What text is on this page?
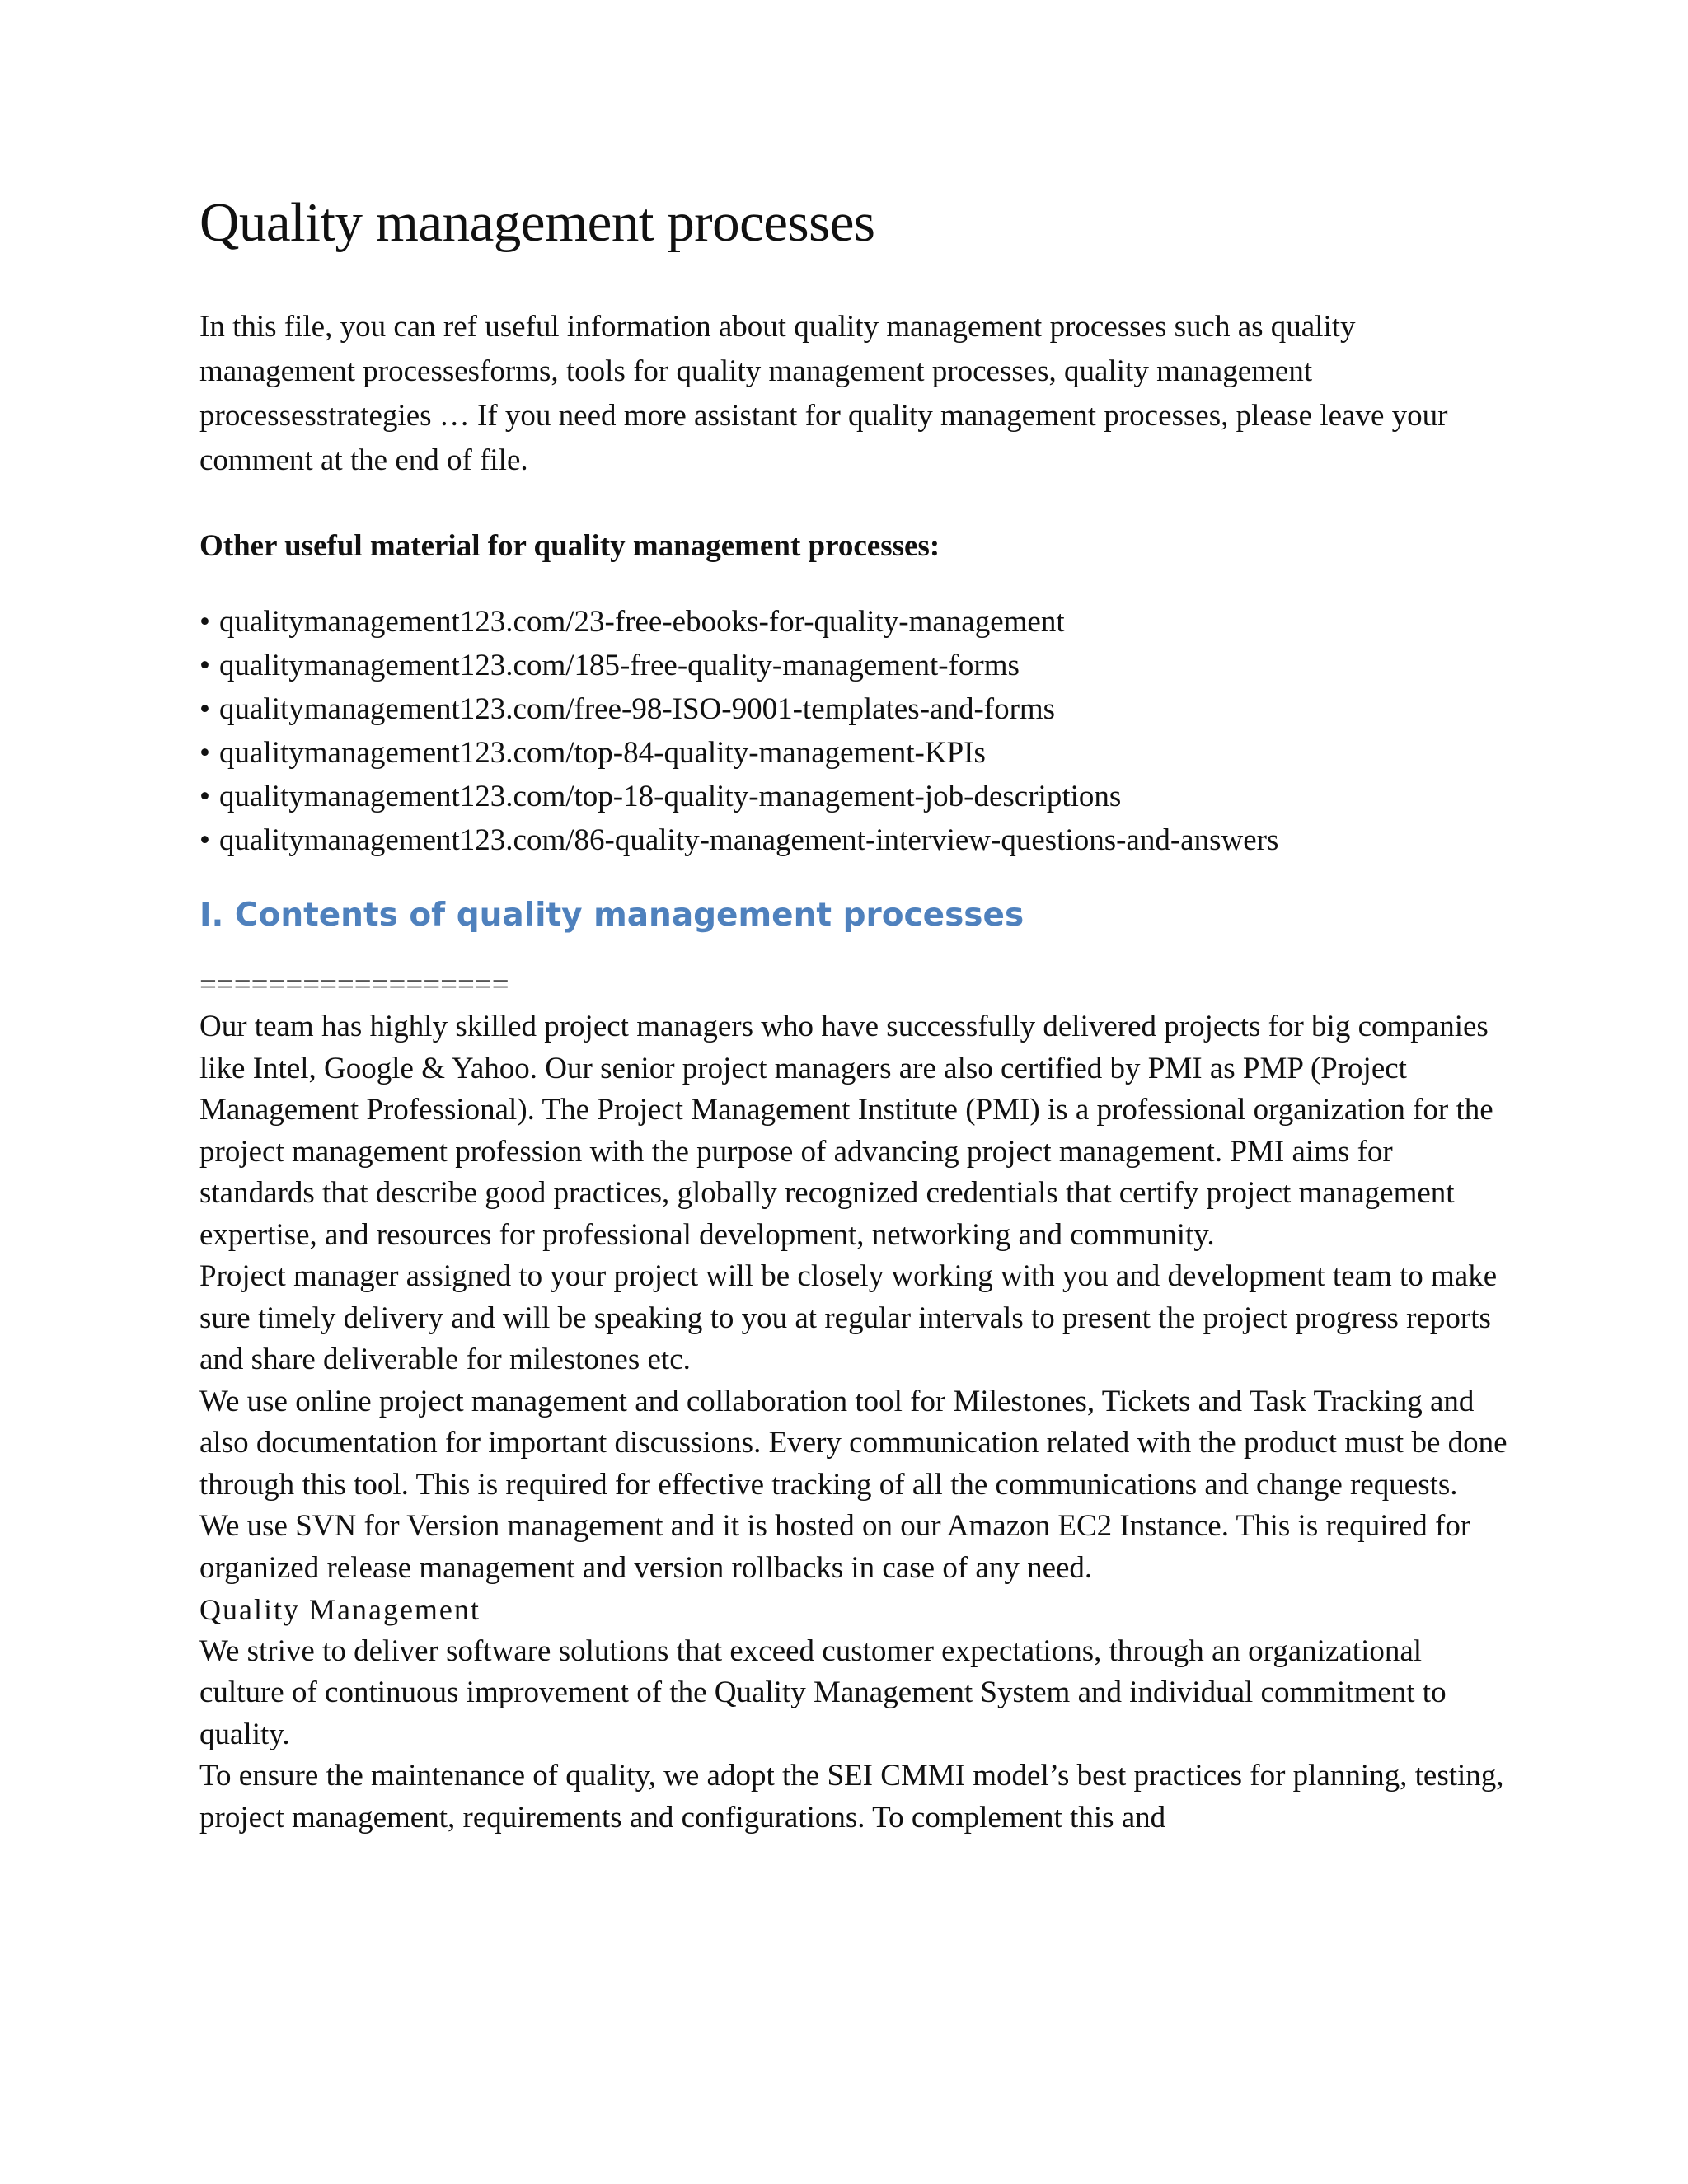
Quality management processes

In this file, you can ref useful information about quality management processes such as quality management processesforms, tools for quality management processes, quality management processesstrategies … If you need more assistant for quality management processes, please leave your comment at the end of file.

Other useful material for quality management processes:

• qualitymanagement123.com/23-free-ebooks-for-quality-management
• qualitymanagement123.com/185-free-quality-management-forms
• qualitymanagement123.com/free-98-ISO-9001-templates-and-forms
• qualitymanagement123.com/top-84-quality-management-KPIs
• qualitymanagement123.com/top-18-quality-management-job-descriptions
• qualitymanagement123.com/86-quality-management-interview-questions-and-answers
I. Contents of quality management processes
==================

Our team has highly skilled project managers who have successfully delivered projects for big companies like Intel, Google & Yahoo. Our senior project managers are also certified by PMI as PMP (Project Management Professional). The Project Management Institute (PMI) is a professional organization for the project management profession with the purpose of advancing project management. PMI aims for standards that describe good practices, globally recognized credentials that certify project management expertise, and resources for professional development, networking and community.

Project manager assigned to your project will be closely working with you and development team to make sure timely delivery and will be speaking to you at regular intervals to present the project progress reports and share deliverable for milestones etc.

We use online project management and collaboration tool for Milestones, Tickets and Task Tracking and also documentation for important discussions. Every communication related with the product must be done through this tool. This is required for effective tracking of all the communications and change requests.

We use SVN for Version management and it is hosted on our Amazon EC2 Instance. This is required for organized release management and version rollbacks in case of any need.

Quality Management

We strive to deliver software solutions that exceed customer expectations, through an organizational culture of continuous improvement of the Quality Management System and individual commitment to quality.

To ensure the maintenance of quality, we adopt the SEI CMMI model’s best practices for planning, testing, project management, requirements and configurations. To complement this and
